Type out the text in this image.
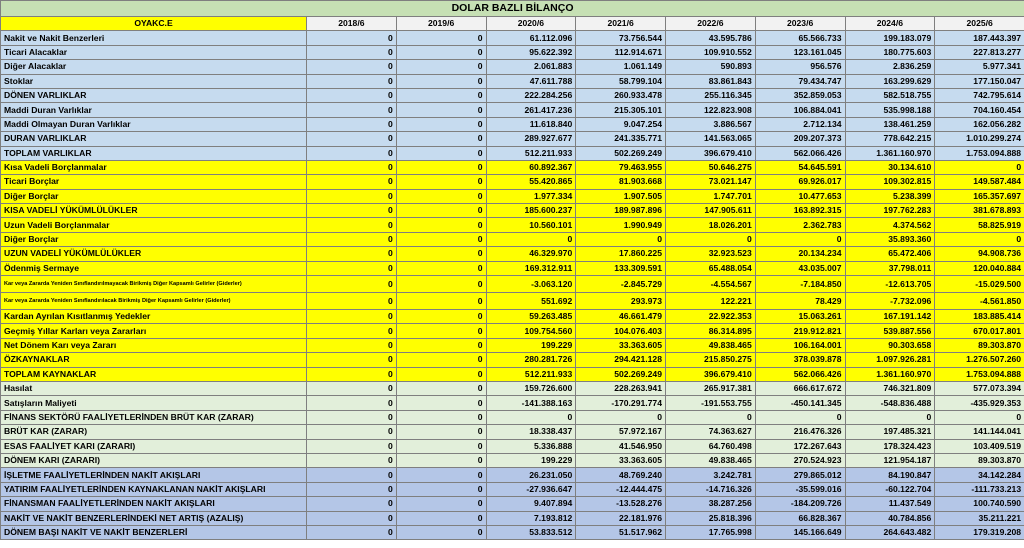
DOLAR BAZLI BİLANÇO								
OYAKC.E	2018/6	2019/6	2020/6	2021/6	2022/6	2023/6	2024/6	2025/6
Nakit ve Nakit Benzerleri	0	0	61.112.096	73.756.544	43.595.786	65.566.733	199.183.079	187.443.397
Ticari Alacaklar	0	0	95.622.392	112.914.671	109.910.552	123.161.045	180.775.603	227.813.277
Diğer Alacaklar	0	0	2.061.883	1.061.149	590.893	956.576	2.836.259	5.977.341
Stoklar	0	0	47.611.788	58.799.104	83.861.843	79.434.747	163.299.629	177.150.047
DÖNEN VARLIKLAR	0	0	222.284.256	260.933.478	255.116.345	352.859.053	582.518.755	742.795.614
Maddi Duran Varlıklar	0	0	261.417.236	215.305.101	122.823.908	106.884.041	535.998.188	704.160.454
Maddi Olmayan Duran Varlıklar	0	0	11.618.840	9.047.254	3.886.567	2.712.134	138.461.259	162.056.282
DURAN VARLIKLAR	0	0	289.927.677	241.335.771	141.563.065	209.207.373	778.642.215	1.010.299.274
TOPLAM VARLIKLAR	0	0	512.211.933	502.269.249	396.679.410	562.066.426	1.361.160.970	1.753.094.888
Kısa Vadeli Borçlanmalar	0	0	60.892.367	79.463.955	50.646.275	54.645.591	30.134.610	0
Ticari Borçlar	0	0	55.420.865	81.903.668	73.021.147	69.926.017	109.302.815	149.587.484
Diğer Borçlar	0	0	1.977.334	1.907.505	1.747.701	10.477.653	5.238.399	165.357.697
KISA VADELİ YÜKÜMLÜLÜKLER	0	0	185.600.237	189.987.896	147.905.611	163.892.315	197.762.283	381.678.893
Uzun Vadeli Borçlanmalar	0	0	10.560.101	1.990.949	18.026.201	2.362.783	4.374.562	58.825.919
Diğer Borçlar	0	0	0	0	0	0	35.893.360	0
UZUN VADELİ YÜKÜMLÜLÜKLER	0	0	46.329.970	17.860.225	32.923.523	20.134.234	65.472.406	94.908.736
Ödenmiş Sermaye	0	0	169.312.911	133.309.591	65.488.054	43.035.007	37.798.011	120.040.884
Kar veya Zararda Yeniden Sınıflandırılmayacak Birikmiş Diğer Kapsamlı Gelirler (Giderler)	0	0	-3.063.120	-2.845.729	-4.554.567	-7.184.850	-12.613.705	-15.029.500
Kar veya Zararda Yeniden Sınıflandırılacak Birikmiş Diğer Kapsamlı Gelirler (Giderler)	0	0	551.692	293.973	122.221	78.429	-7.732.096	-4.561.850
Kardan Ayrılan Kısıtlanmış Yedekler	0	0	59.263.485	46.661.479	22.922.353	15.063.261	167.191.142	183.885.414
Geçmiş Yıllar Karları veya Zararları	0	0	109.754.560	104.076.403	86.314.895	219.912.821	539.887.556	670.017.801
Net Dönem Karı veya Zararı	0	0	199.229	33.363.605	49.838.465	106.164.001	90.303.658	89.303.870
ÖZKAYNAKLAR	0	0	280.281.726	294.421.128	215.850.275	378.039.878	1.097.926.281	1.276.507.260
TOPLAM KAYNAKLAR	0	0	512.211.933	502.269.249	396.679.410	562.066.426	1.361.160.970	1.753.094.888
Hasılat	0	0	159.726.600	228.263.941	265.917.381	666.617.672	746.321.809	577.073.394
Satışların Maliyeti	0	0	-141.388.163	-170.291.774	-191.553.755	-450.141.345	-548.836.488	-435.929.353
FİNANS SEKTÖRÜ FAALİYETLERİNDEN BRÜT KAR (ZARAR)	0	0	0	0	0	0	0	0
BRÜT KAR (ZARAR)	0	0	18.338.437	57.972.167	74.363.627	216.476.326	197.485.321	141.144.041
ESAS FAALİYET KARI (ZARARI)	0	0	5.336.888	41.546.950	64.760.498	172.267.643	178.324.423	103.409.519
DÖNEM KARI (ZARARI)	0	0	199.229	33.363.605	49.838.465	270.524.923	121.954.187	89.303.870
İŞLETME FAALİYETLERİNDEN NAKİT AKIŞLARI	0	0	26.231.050	48.769.240	3.242.781	279.865.012	84.190.847	34.142.284
YATIRIM FAALİYETLERİNDEN KAYNAKLANAN NAKİT AKIŞLARI	0	0	-27.936.647	-12.444.475	-14.716.326	-35.599.016	-60.122.704	-111.733.213
FİNANSMAN FAALİYETLERİNDEN NAKİT AKIŞLARI	0	0	9.407.894	-13.528.276	38.287.256	-184.209.726	11.437.549	100.740.590
NAKİT VE NAKİT BENZERLERİNDEKİ NET ARTIŞ (AZALIŞ)	0	0	7.193.812	22.181.976	25.818.396	66.828.367	40.784.856	35.211.221
DÖNEM BAŞI NAKİT VE NAKİT BENZERLERİ	0	0	53.833.512	51.517.962	17.765.998	145.166.649	264.643.482	179.319.208
